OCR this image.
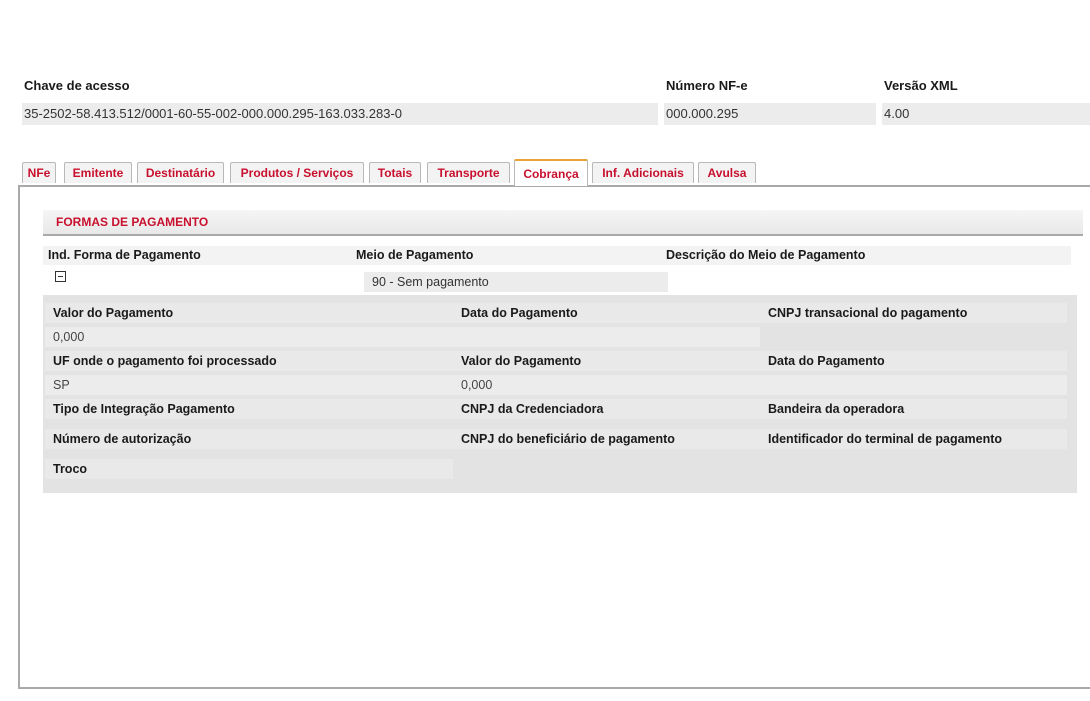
Chave de acesso
35-2502-58.413.512/0001-60-55-002-000.000.295-163.033.283-0
Número NF-e
000.000.295
Versão XML
4.00
NFe	Emitente	Destinatário	Produtos / Serviços	Totais	Transporte	Cobrança	Inf. Adicionais	Avulsa
FORMAS DE PAGAMENTO
Ind. Forma de Pagamento	Meio de Pagamento	Descrição do Meio de Pagamento
90 - Sem pagamento
Valor do Pagamento	Data do Pagamento	CNPJ transacional do pagamento
0,000
UF onde o pagamento foi processado	Valor do Pagamento	Data do Pagamento
SP	0,000
Tipo de Integração Pagamento	CNPJ da Credenciadora	Bandeira da operadora
Número de autorização	CNPJ do beneficiário de pagamento	Identificador do terminal de pagamento
Troco
